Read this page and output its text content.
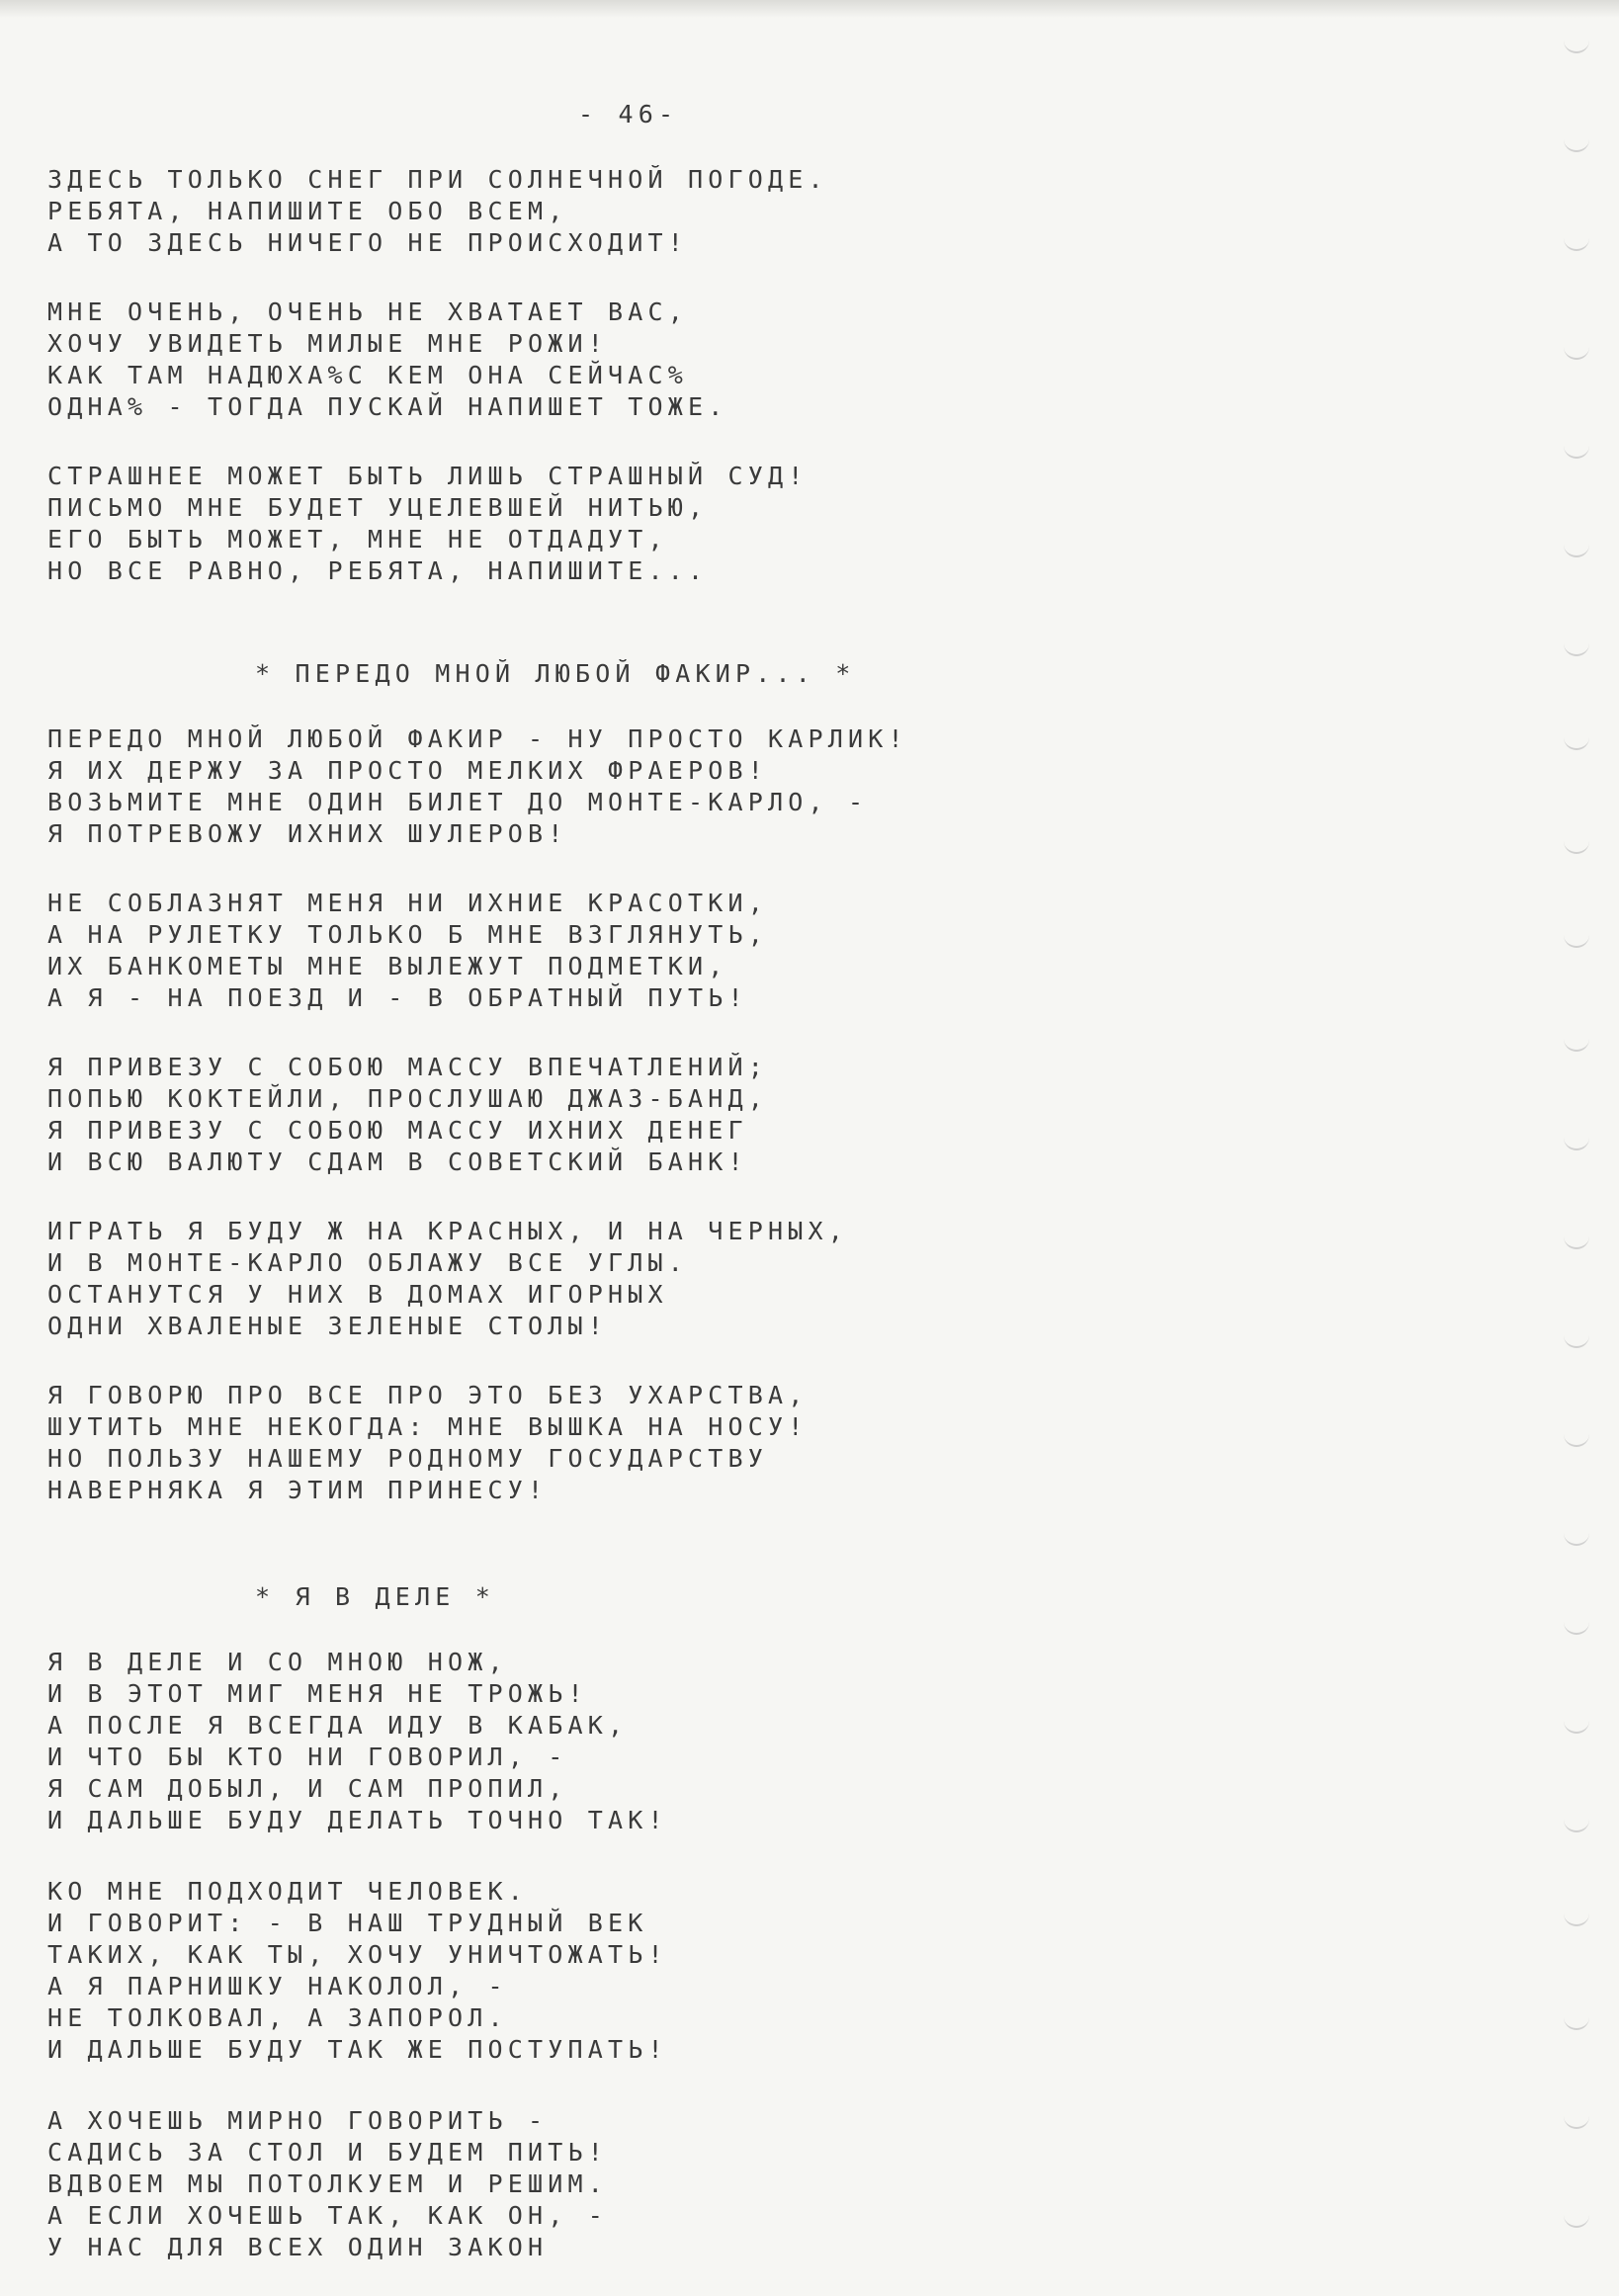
- 46-

ЗДЕСЬ ТОЛЬКО СНЕГ ПРИ СОЛНЕЧНОЙ ПОГОДЕ.
РЕБЯТА, НАПИШИТЕ ОБО ВСЕМ,
А ТО ЗДЕСЬ НИЧЕГО НЕ ПРОИСХОДИТ!

МНЕ ОЧЕНЬ, ОЧЕНЬ НЕ ХВАТАЕТ ВАС,
ХОЧУ УВИДЕТЬ МИЛЫЕ МНЕ РОЖИ!
КАК ТАМ НАДЮХА%С КЕМ ОНА СЕЙЧАС%
ОДНА% - ТОГДА ПУСКАЙ НАПИШЕТ ТОЖЕ.

СТРАШНЕЕ МОЖЕТ БЫТЬ ЛИШЬ СТРАШНЫЙ СУД!
ПИСЬМО МНЕ БУДЕТ УЦЕЛЕВШЕЙ НИТЬЮ,
ЕГО БЫТЬ МОЖЕТ, МНЕ НЕ ОТДАДУТ,
НО ВСЕ РАВНО, РЕБЯТА, НАПИШИТЕ...

* ПЕРЕДО МНОЙ ЛЮБОЙ ФАКИР... *

ПЕРЕДО МНОЙ ЛЮБОЙ ФАКИР - НУ ПРОСТО КАРЛИК!
Я ИХ ДЕРЖУ ЗА ПРОСТО МЕЛКИХ ФРАЕРОВ!
ВОЗЬМИТЕ МНЕ ОДИН БИЛЕТ ДО МОНТЕ-КАРЛО, -
Я ПОТРЕВОЖУ ИХНИХ ШУЛЕРОВ!

НЕ СОБЛАЗНЯТ МЕНЯ НИ ИХНИЕ КРАСОТКИ,
А НА РУЛЕТКУ ТОЛЬКО Б МНЕ ВЗГЛЯНУТЬ,
ИХ БАНКОМЕТЫ МНЕ ВЫЛЕЖУТ ПОДМЕТКИ,
А Я - НА ПОЕЗД И - В ОБРАТНЫЙ ПУТЬ!

Я ПРИВЕЗУ С СОБОЮ МАССУ ВПЕЧАТЛЕНИЙ;
ПОПЬЮ КОКТЕЙЛИ, ПРОСЛУШАЮ ДЖАЗ-БАНД,
Я ПРИВЕЗУ С СОБОЮ МАССУ ИХНИХ ДЕНЕГ
И ВСЮ ВАЛЮТУ СДАМ В СОВЕТСКИЙ БАНК!

ИГРАТЬ Я БУДУ Ж НА КРАСНЫХ, И НА ЧЕРНЫХ,
И В МОНТЕ-КАРЛО ОБЛАЖУ ВСЕ УГЛЫ.
ОСТАНУТСЯ У НИХ В ДОМАХ ИГОРНЫХ
ОДНИ ХВАЛЕНЫЕ ЗЕЛЕНЫЕ СТОЛЫ!

Я ГОВОРЮ ПРО ВСЕ ПРО ЭТО БЕЗ УХАРСТВА,
ШУТИТЬ МНЕ НЕКОГДА: МНЕ ВЫШКА НА НОСУ!
НО ПОЛЬЗУ НАШЕМУ РОДНОМУ ГОСУДАРСТВУ
НАВЕРНЯКА Я ЭТИМ ПРИНЕСУ!

* Я В ДЕЛЕ *

Я В ДЕЛЕ И СО МНОЮ НОЖ,
И В ЭТОТ МИГ МЕНЯ НЕ ТРОЖЬ!
А ПОСЛЕ Я ВСЕГДА ИДУ В КАБАК,
И ЧТО БЫ КТО НИ ГОВОРИЛ, -
Я САМ ДОБЫЛ, И САМ ПРОПИЛ,
И ДАЛЬШЕ БУДУ ДЕЛАТЬ ТОЧНО ТАК!

КО МНЕ ПОДХОДИТ ЧЕЛОВЕК.
И ГОВОРИТ: - В НАШ ТРУДНЫЙ ВЕК
ТАКИХ, КАК ТЫ, ХОЧУ УНИЧТОЖАТЬ!
А Я ПАРНИШКУ НАКОЛОЛ, -
НЕ ТОЛКОВАЛ, А ЗАПОРОЛ.
И ДАЛЬШЕ БУДУ ТАК ЖЕ ПОСТУПАТЬ!

А ХОЧЕШЬ МИРНО ГОВОРИТЬ -
САДИСЬ ЗА СТОЛ И БУДЕМ ПИТЬ!
ВДВОЕМ МЫ ПОТОЛКУЕМ И РЕШИМ.
А ЕСЛИ ХОЧЕШЬ ТАК, КАК ОН, -
У НАС ДЛЯ ВСЕХ ОДИН ЗАКОН
